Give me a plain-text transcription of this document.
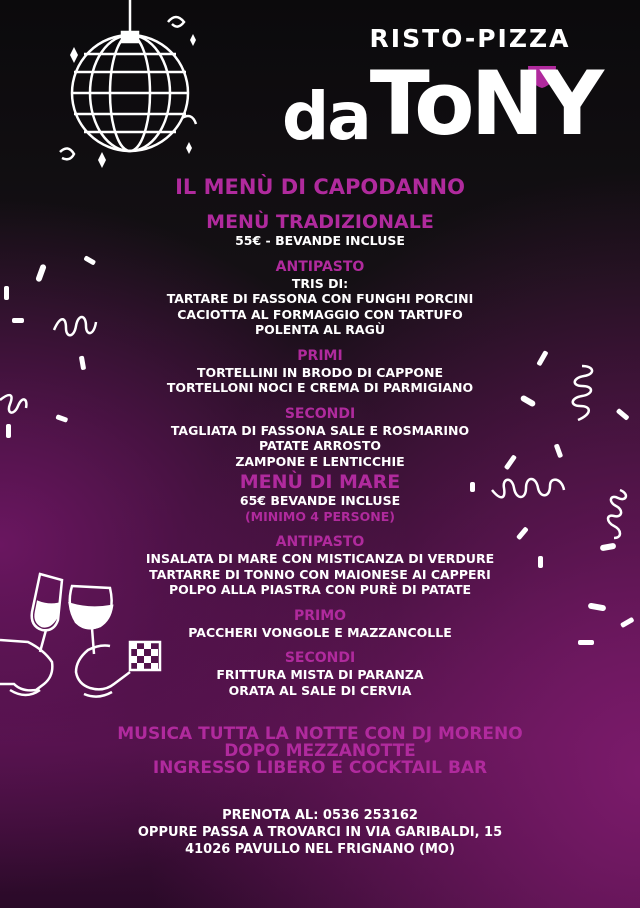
RISTO-PIZZA
daToNY

IL MENÙ DI CAPODANNO

MENÙ TRADIZIONALE

55€ - BEVANDE INCLUSE

ANTIPASTO

TRIS DI:

TARTARE DI FASSONA CON FUNGHI PORCINI

CACIOTTA AL FORMAGGIO CON TARTUFO

POLENTA AL RAGÙ

PRIMI

TORTELLINI IN BRODO DI CAPPONE

TORTELLONI NOCI E CREMA DI PARMIGIANO

SECONDI

TAGLIATA DI FASSONA SALE E ROSMARINO

PATATE ARROSTO

ZAMPONE E LENTICCHIE

MENÙ DI MARE

65€ BEVANDE INCLUSE

(MINIMO 4 PERSONE)

ANTIPASTO

INSALATA DI MARE CON MISTICANZA DI VERDURE

TARTARRE DI TONNO CON MAIONESE AI CAPPERI

POLPO ALLA PIASTRA CON PURÈ DI PATATE

PRIMO

PACCHERI VONGOLE E MAZZANCOLLE

SECONDI

FRITTURA MISTA DI PARANZA

ORATA AL SALE DI CERVIA

MUSICA TUTTA LA NOTTE CON DJ MORENO

DOPO MEZZANOTTE

INGRESSO LIBERO E COCKTAIL BAR

PRENOTA AL: 0536 253162

OPPURE PASSA A TROVARCI IN VIA GARIBALDI, 15

41026 PAVULLO NEL FRIGNANO (MO)
